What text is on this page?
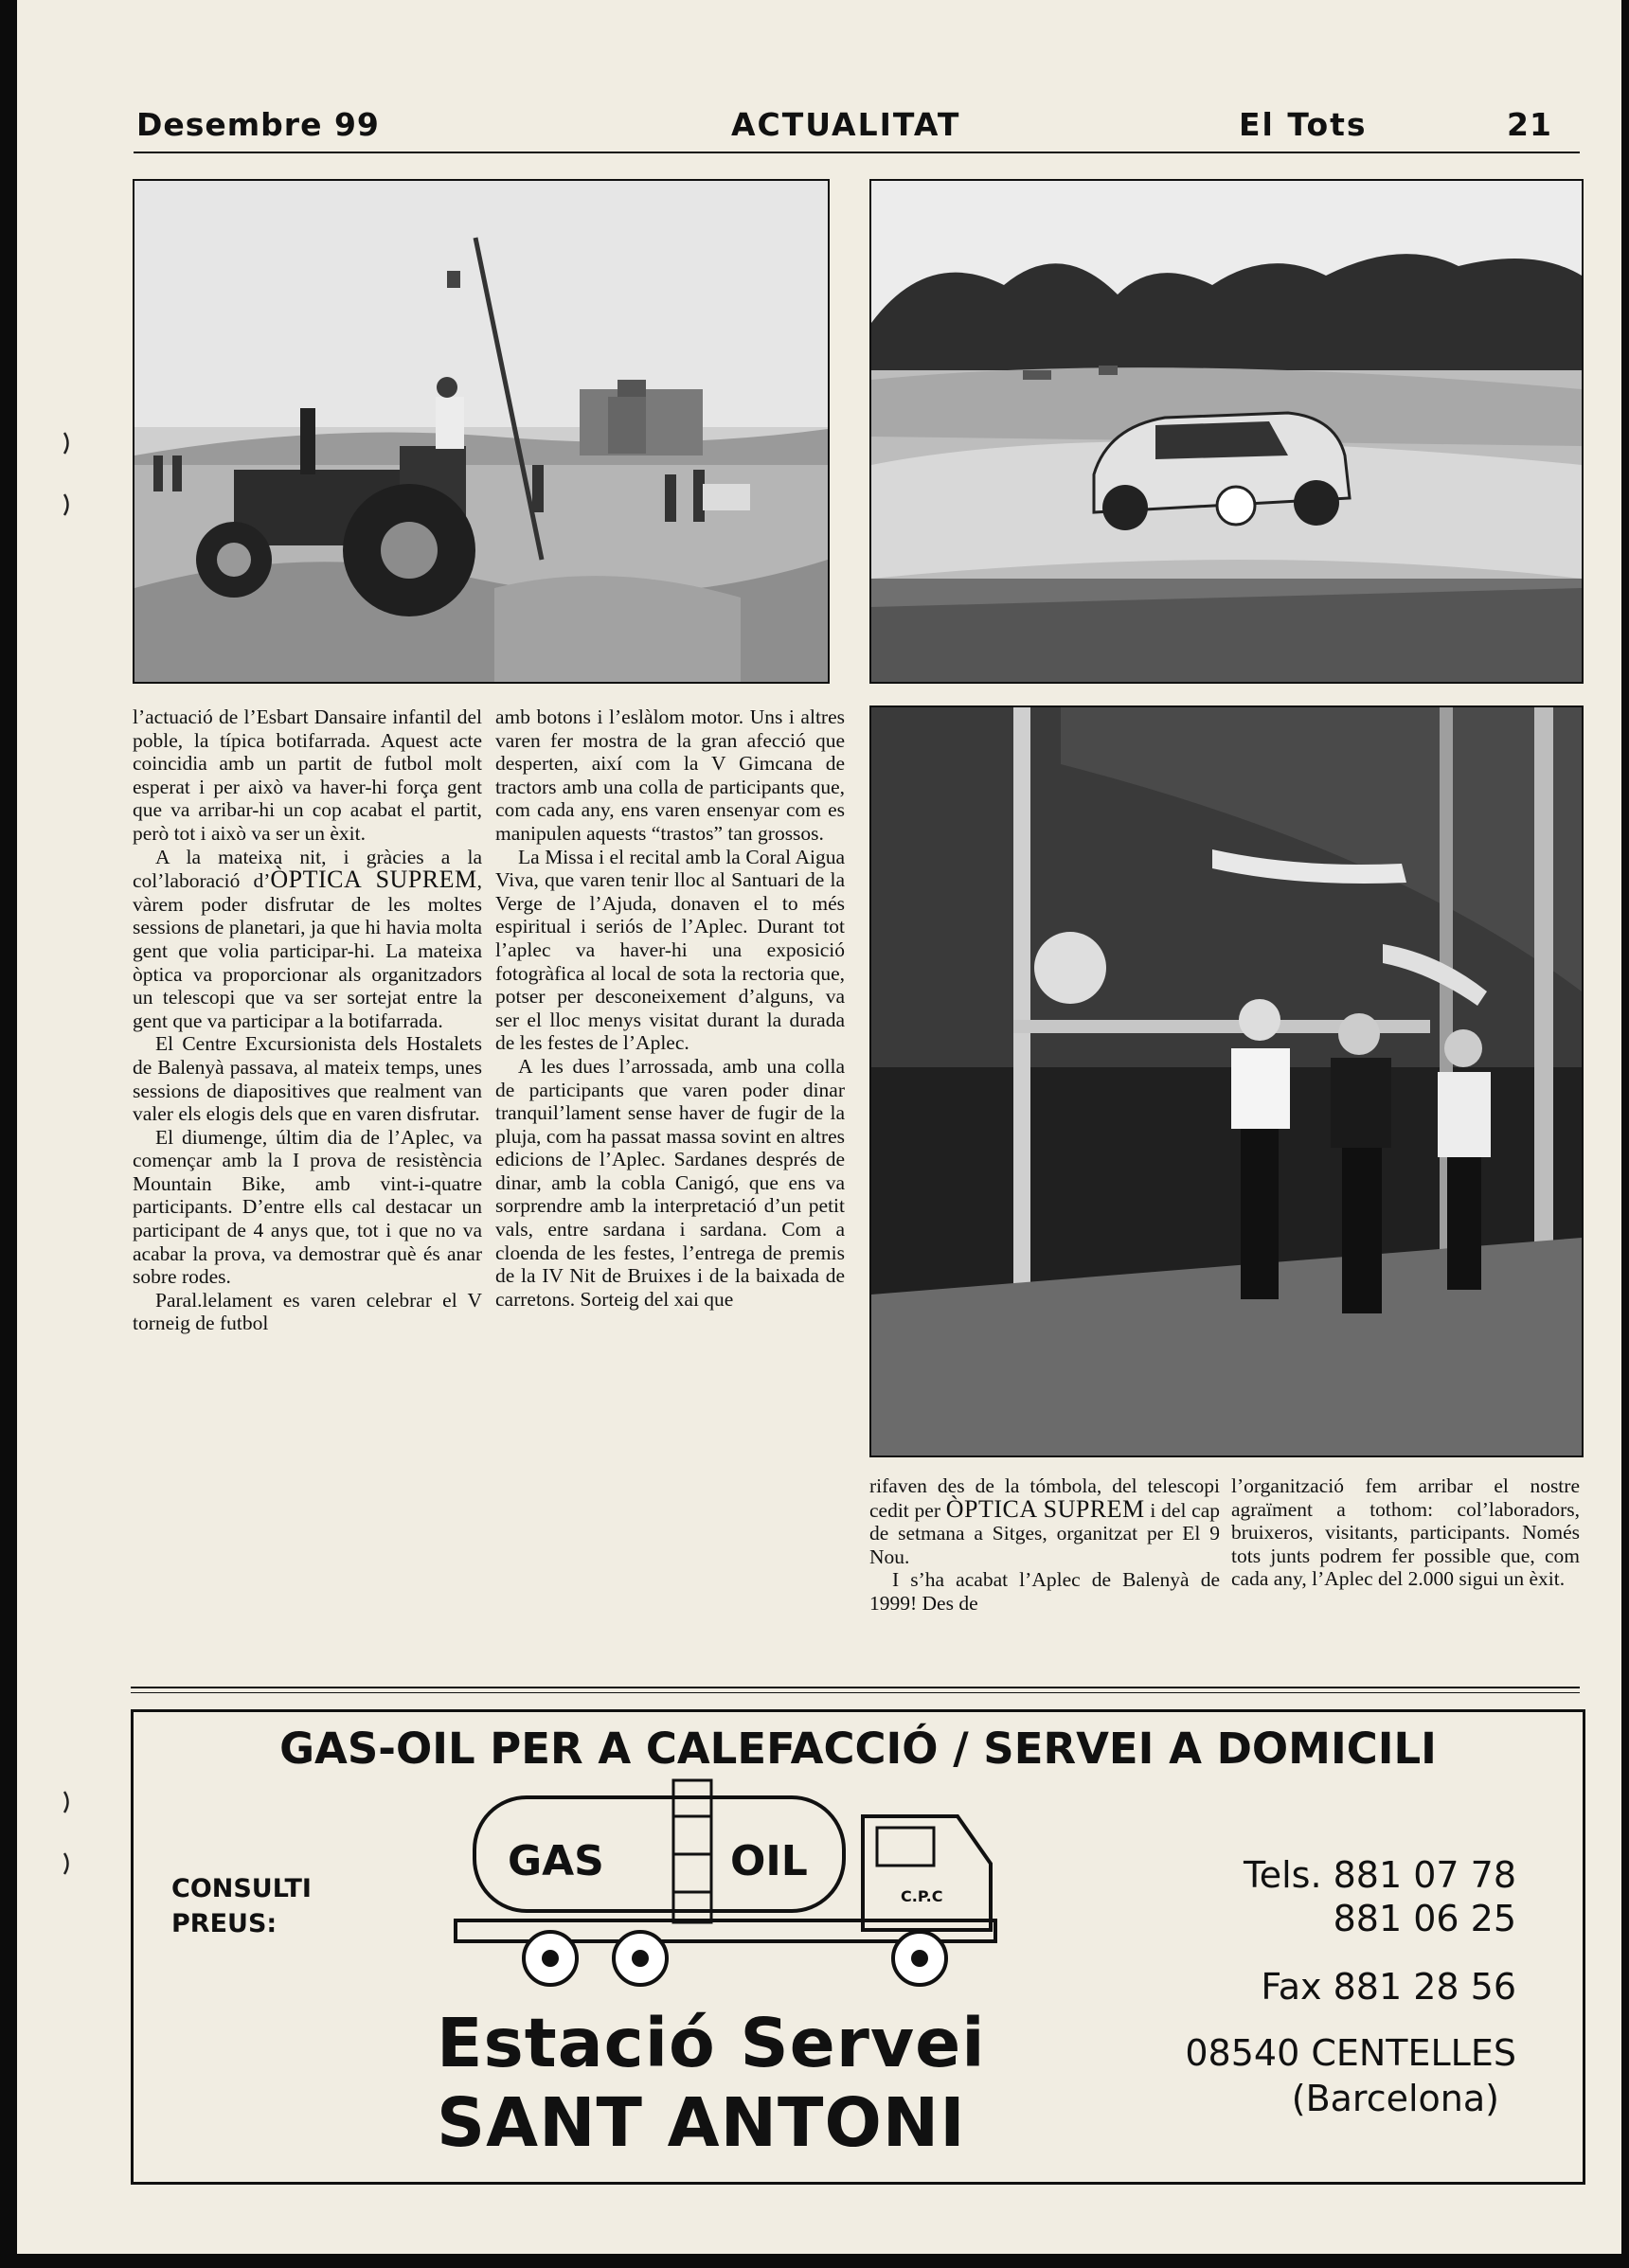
Desembre 99	ACTUALITAT	El Tots	21

l’actuació de l’Esbart Dansaire infantil del poble, la típica botifarrada. Aquest acte coincidia amb un partit de futbol molt esperat i per això va haver-hi força gent que va arribar-hi un cop acabat el partit, però tot i això va ser un èxit.

A la mateixa nit, i gràcies a la col’laboració d’ÒPTICA SUPREM, vàrem poder disfrutar de les moltes sessions de planetari, ja que hi havia molta gent que volia participar-hi. La mateixa òptica va proporcionar als organitzadors un telescopi que va ser sortejat entre la gent que va participar a la botifarrada.

El Centre Excursionista dels Hostalets de Balenyà passava, al mateix temps, unes sessions de diapositives que realment van valer els elogis dels que en varen disfrutar.

El diumenge, últim dia de l’Aplec, va començar amb la I prova de resistència Mountain Bike, amb vint-i-quatre participants. D’entre ells cal destacar un participant de 4 anys que, tot i que no va acabar la prova, va demostrar què és anar sobre rodes.

Paral.lelament es varen celebrar el V torneig de futbol

amb botons i l’eslàlom motor. Uns i altres varen fer mostra de la gran afecció que desperten, així com la V Gimcana de tractors amb una colla de participants que, com cada any, ens varen ensenyar com es manipulen aquests “trastos” tan grossos.

La Missa i el recital amb la Coral Aigua Viva, que varen tenir lloc al Santuari de la Verge de l’Ajuda, donaven el to més espiritual i seriós de l’Aplec. Durant tot l’aplec va haver-hi una exposició fotogràfica al local de sota la rectoria que, potser per desconeixement d’alguns, va ser el lloc menys visitat durant la durada de les festes de l’Aplec.

A les dues l’arrossada, amb una colla de participants que varen poder dinar tranquil’lament sense haver de fugir de la pluja, com ha passat massa sovint en altres edicions de l’Aplec. Sardanes després de dinar, amb la cobla Canigó, que ens va sorprendre amb la interpretació d’un petit vals, entre sardana i sardana. Com a cloenda de les festes, l’entrega de premis de la IV Nit de Bruixes i de la baixada de carretons. Sorteig del xai que

rifaven des de la tómbola, del telescopi cedit per ÒPTICA SUPREM i del cap de setmana a Sitges, organitzat per El 9 Nou.

I s’ha acabat l’Aplec de Balenyà de 1999! Des de

l’organització fem arribar el nostre agraïment a tothom: col’laboradors, bruixeros, visitants, participants. Només tots junts podrem fer possible que, com cada any, l’Aplec del 2.000 sigui un èxit.

GAS-OIL PER A CALEFACCIÓ / SERVEI A DOMICILI
CONSULTI
PREUS:
GAS	OIL
C.P.C
Tels. 881 07 78
881 06 25
Fax 881 28 56
08540 CENTELLES
(Barcelona)
Estació Servei
SANT ANTONI
